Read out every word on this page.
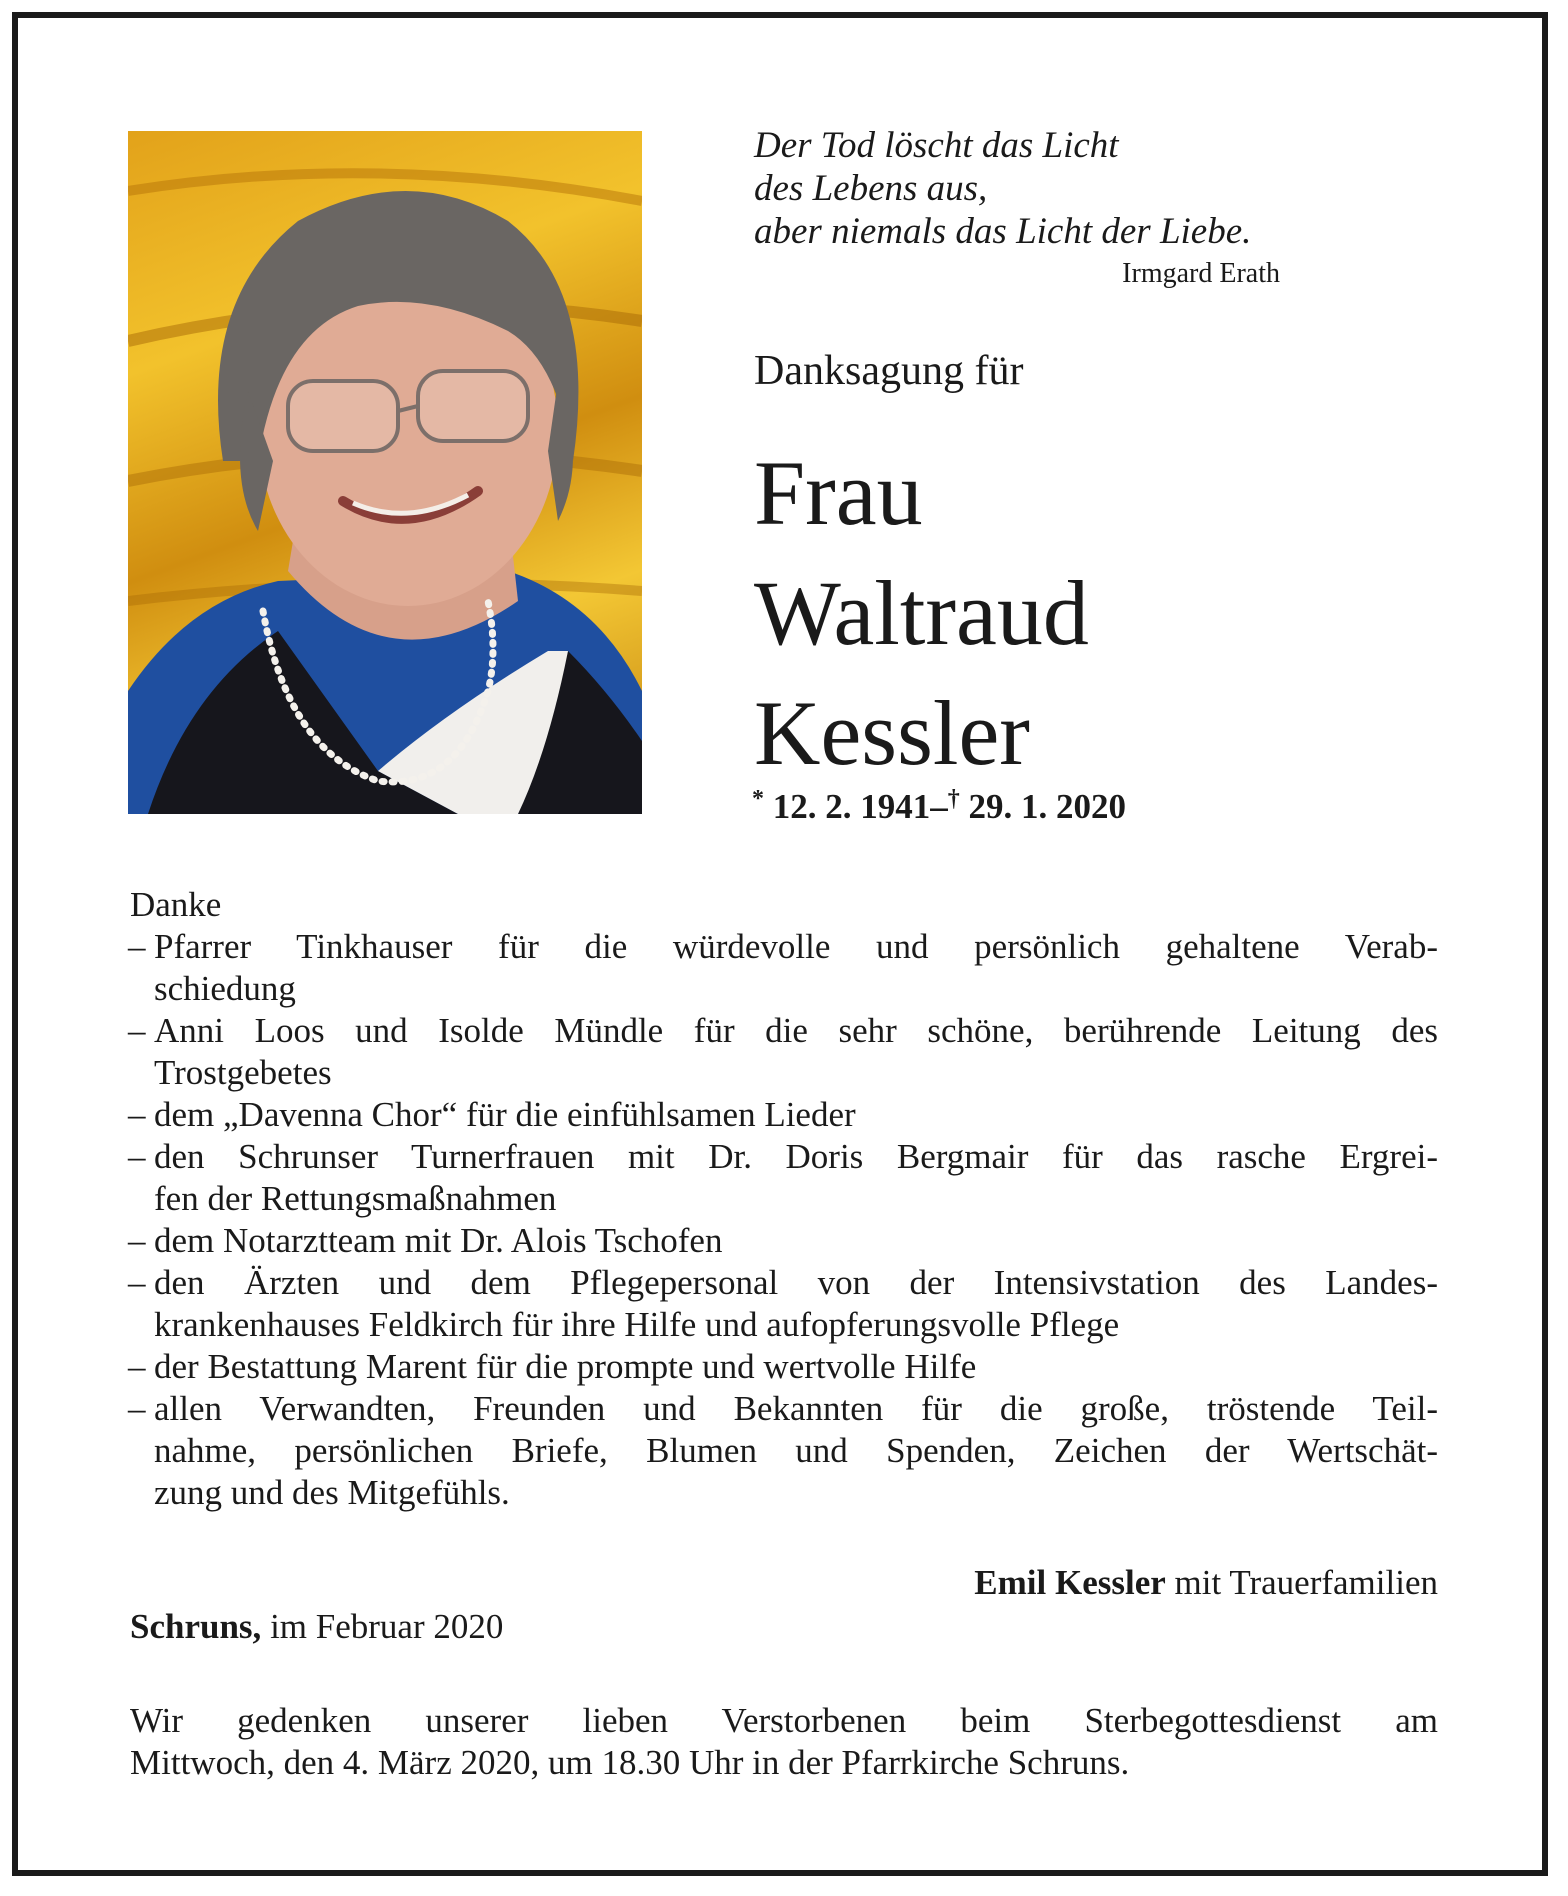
Der Tod löscht das Licht
des Lebens aus,
aber niemals das Licht der Liebe.
Irmgard Erath
Danksagung für
Frau
Waltraud
Kessler
* 12. 2. 1941–† 29. 1. 2020
Danke
– Pfarrer Tinkhauser für die würdevolle und persönlich gehaltene Verab-
schiedung
– Anni Loos und Isolde Mündle für die sehr schöne, berührende Leitung des
Trostgebetes
– dem „Davenna Chor“ für die einfühlsamen Lieder
– den Schrunser Turnerfrauen mit Dr. Doris Bergmair für das rasche Ergrei-
fen der Rettungsmaßnahmen
– dem Notarztteam mit Dr. Alois Tschofen
– den Ärzten und dem Pflegepersonal von der Intensivstation des Landes-
krankenhauses Feldkirch für ihre Hilfe und aufopferungsvolle Pflege
– der Bestattung Marent für die prompte und wertvolle Hilfe
– allen Verwandten, Freunden und Bekannten für die große, tröstende Teil-
nahme, persönlichen Briefe, Blumen und Spenden, Zeichen der Wertschät-
zung und des Mitgefühls.
Emil Kessler mit Trauerfamilien
Schruns, im Februar 2020
Wir gedenken unserer lieben Verstorbenen beim Sterbegottesdienst am
Mittwoch, den 4. März 2020, um 18.30 Uhr in der Pfarrkirche Schruns.
